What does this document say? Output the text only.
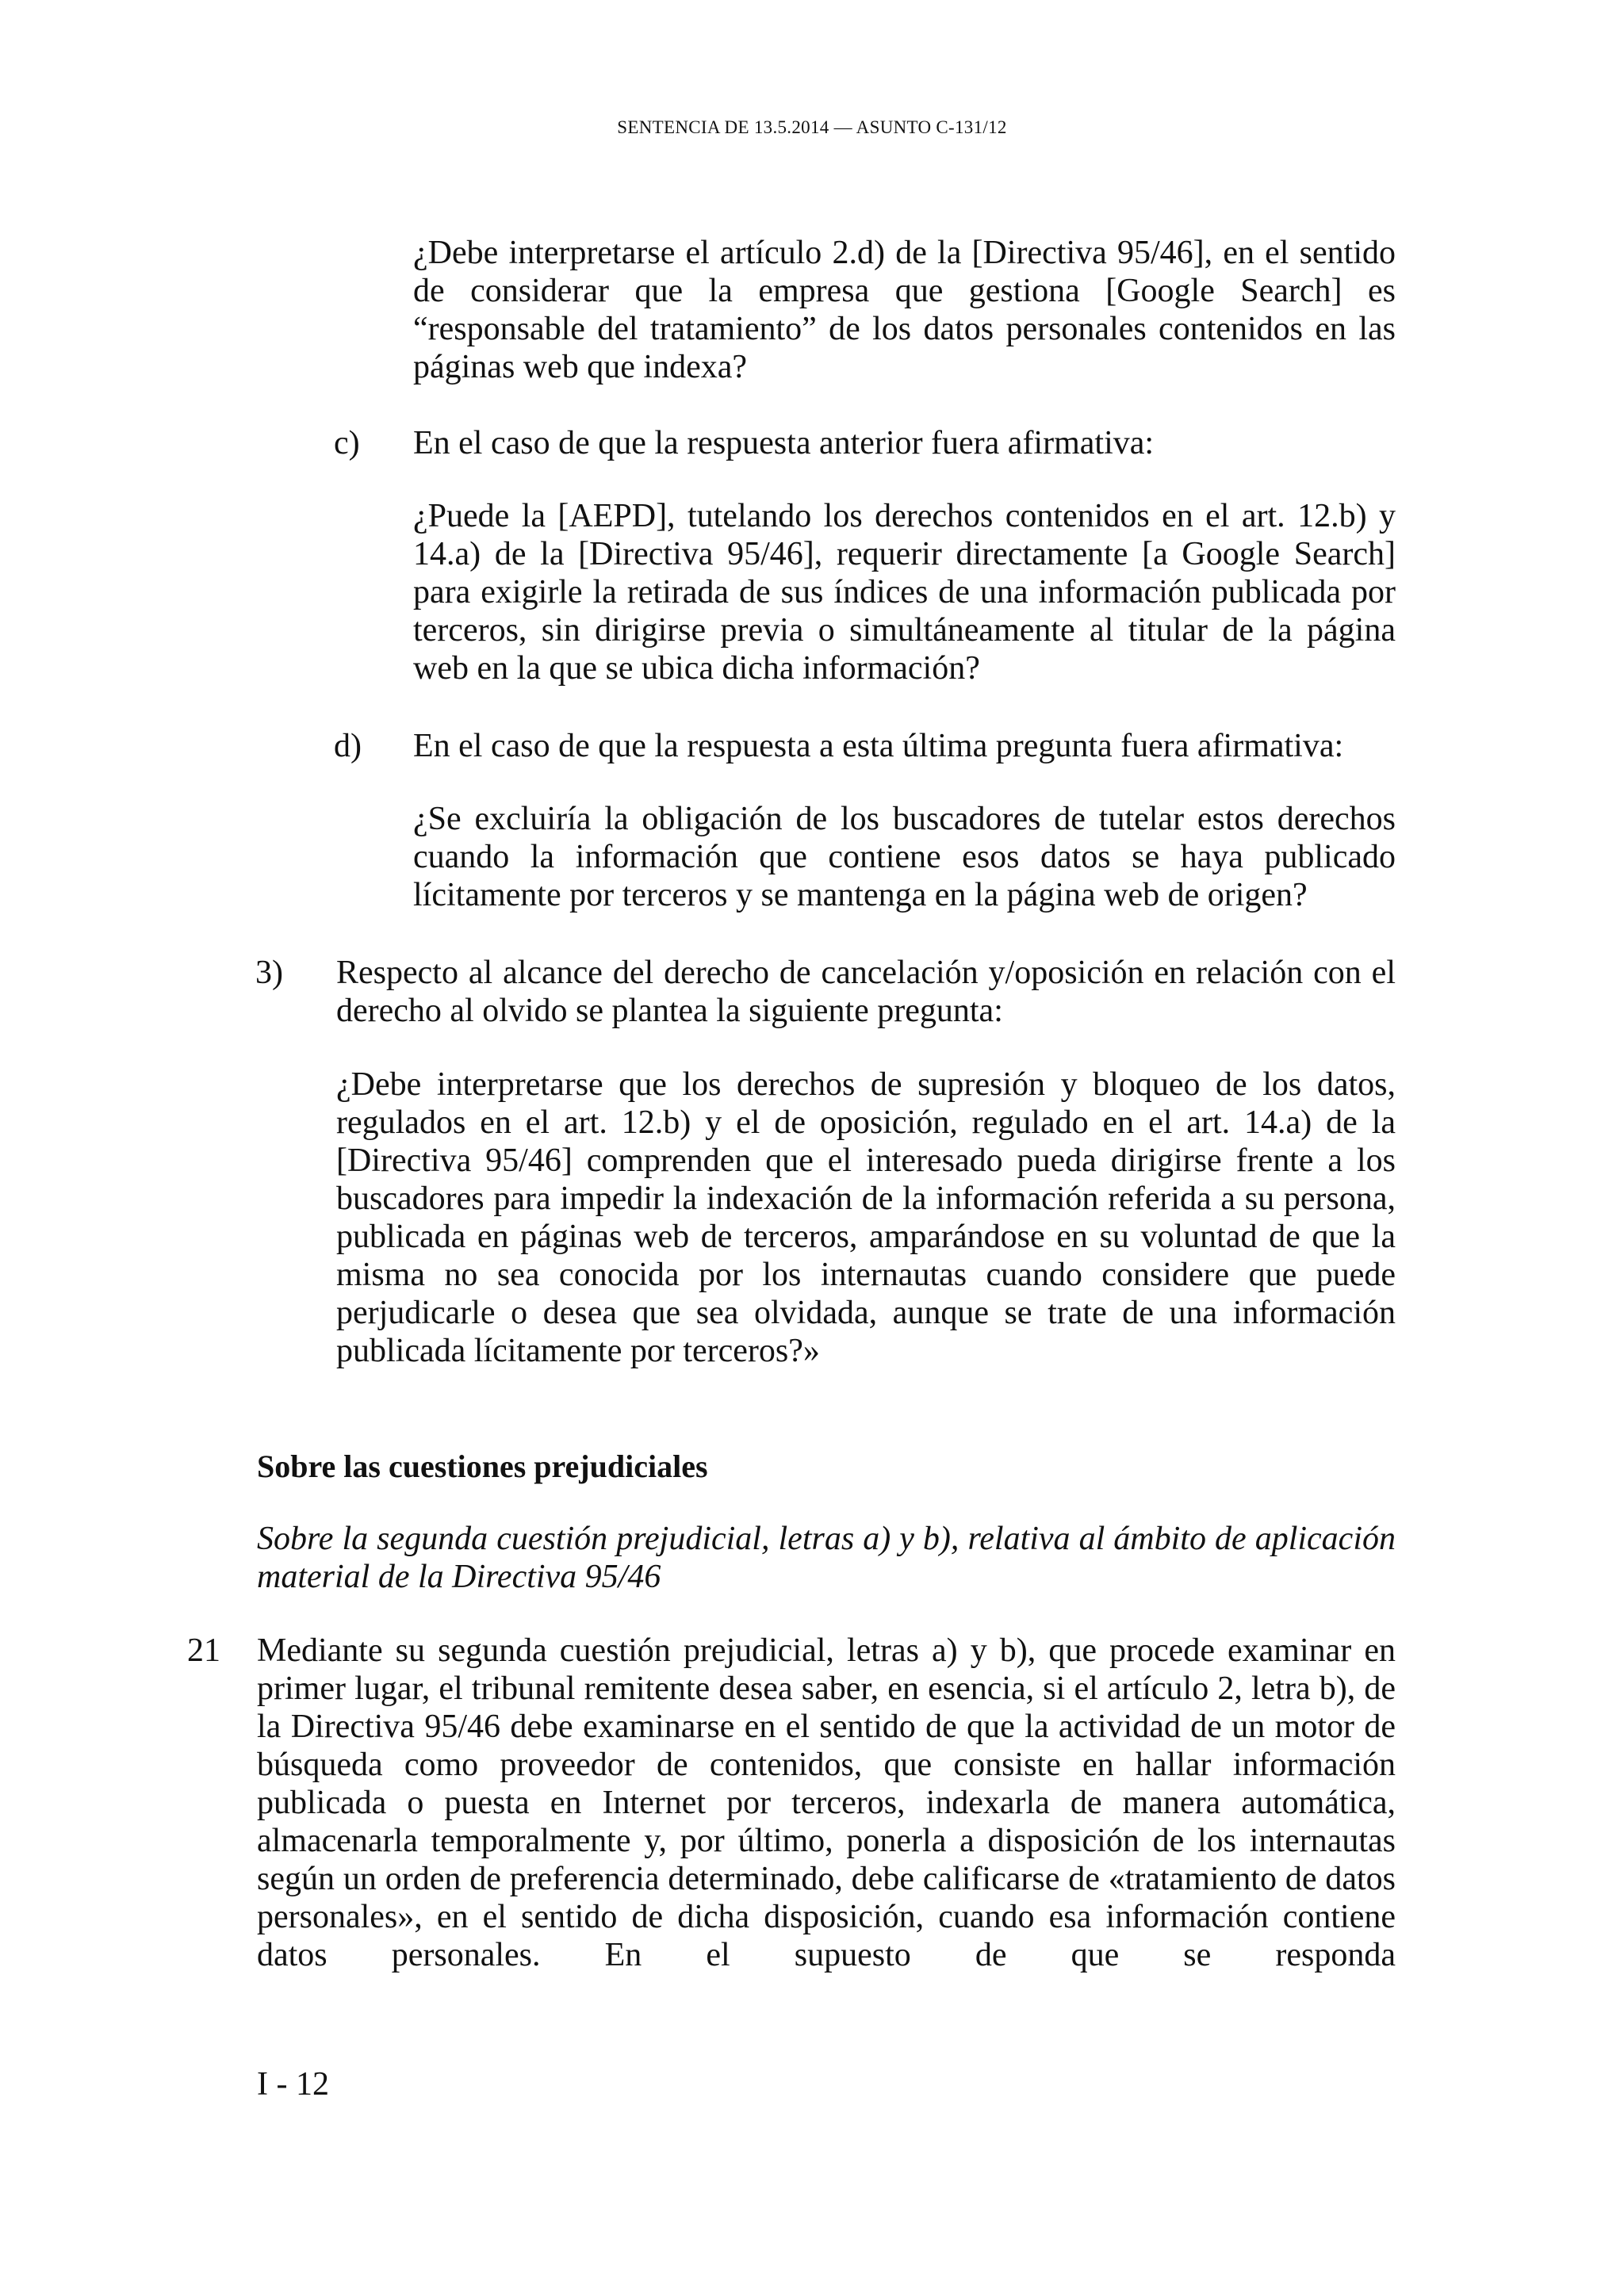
SENTENCIA DE 13.5.2014 — ASUNTO C-131/12
¿Debe interpretarse el artículo 2.d) de la [Directiva 95/46], en el sentido de considerar que la empresa que gestiona [Google Search] es “responsable del tratamiento” de los datos personales contenidos en las páginas web que indexa?
c) En el caso de que la respuesta anterior fuera afirmativa:
¿Puede la [AEPD], tutelando los derechos contenidos en el art. 12.b) y 14.a) de la [Directiva 95/46], requerir directamente [a Google Search] para exigirle la retirada de sus índices de una información publicada por terceros, sin dirigirse previa o simultáneamente al titular de la página web en la que se ubica dicha información?
d) En el caso de que la respuesta a esta última pregunta fuera afirmativa:
¿Se excluiría la obligación de los buscadores de tutelar estos derechos cuando la información que contiene esos datos se haya publicado lícitamente por terceros y se mantenga en la página web de origen?
3) Respecto al alcance del derecho de cancelación y/oposición en relación con el derecho al olvido se plantea la siguiente pregunta:
¿Debe interpretarse que los derechos de supresión y bloqueo de los datos, regulados en el art. 12.b) y el de oposición, regulado en el art. 14.a) de la [Directiva 95/46] comprenden que el interesado pueda dirigirse frente a los buscadores para impedir la indexación de la información referida a su persona, publicada en páginas web de terceros, amparándose en su voluntad de que la misma no sea conocida por los internautas cuando considere que puede perjudicarle o desea que sea olvidada, aunque se trate de una información publicada lícitamente por terceros?»
Sobre las cuestiones prejudiciales
Sobre la segunda cuestión prejudicial, letras a) y b), relativa al ámbito de aplicación material de la Directiva 95/46
21 Mediante su segunda cuestión prejudicial, letras a) y b), que procede examinar en primer lugar, el tribunal remitente desea saber, en esencia, si el artículo 2, letra b), de la Directiva 95/46 debe examinarse en el sentido de que la actividad de un motor de búsqueda como proveedor de contenidos, que consiste en hallar información publicada o puesta en Internet por terceros, indexarla de manera automática, almacenarla temporalmente y, por último, ponerla a disposición de los internautas según un orden de preferencia determinado, debe calificarse de «tratamiento de datos personales», en el sentido de dicha disposición, cuando esa información contiene datos personales. En el supuesto de que se responda
I - 12
